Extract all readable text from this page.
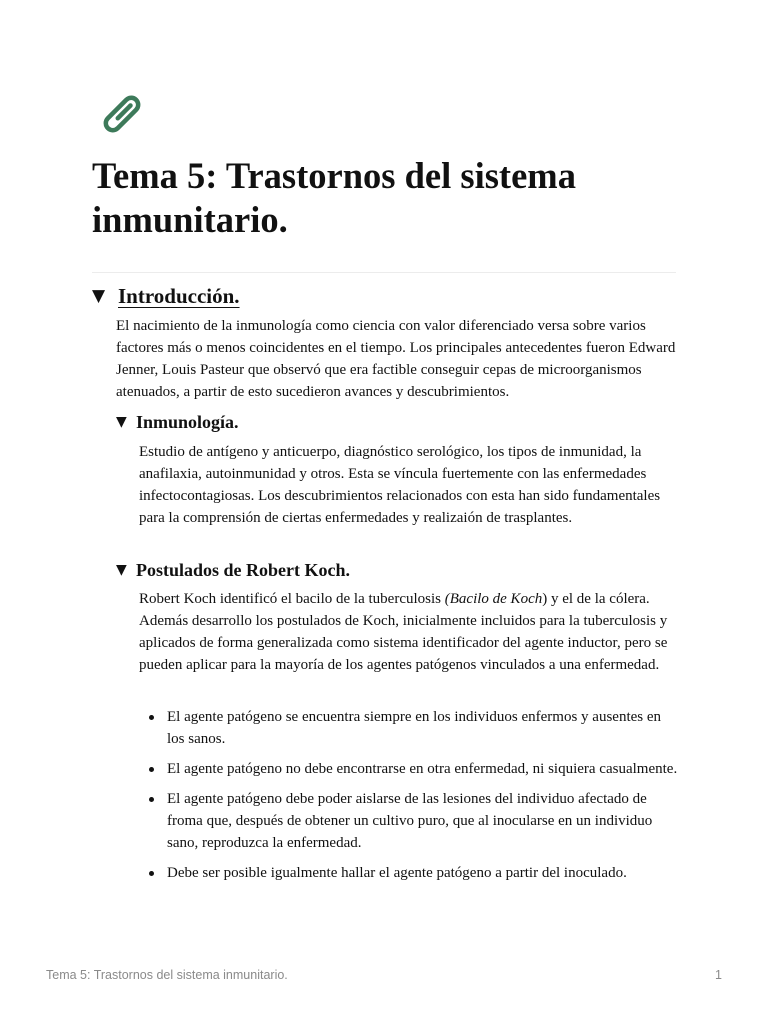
Tema 5: Trastornos del sistema inmunitario.
▼ Introducción.

El nacimiento de la inmunología como ciencia con valor diferenciado versa sobre varios factores más o menos coincidentes en el tiempo. Los principales antecedentes fueron Edward Jenner, Louis Pasteur que observó que era factible conseguir cepas de microorganismos atenuados, a partir de esto sucedieron avances y descubrimientos.

▼ Inmunología.

Estudio de antígeno y anticuerpo, diagnóstico serológico, los tipos de inmunidad, la anafilaxia, autoinmunidad y otros. Esta se víncula fuertemente con las enfermedades infectocontagiosas. Los descubrimientos relacionados con esta han sido fundamentales para la comprensión de ciertas enfermedades y realizaión de trasplantes.

▼ Postulados de Robert Koch.

Robert Koch identificó el bacilo de la tuberculosis (Bacilo de Koch) y el de la cólera. Además desarrollo los postulados de Koch, inicialmente incluidos para la tuberculosis y aplicados de forma generalizada como sistema identificador del agente inductor, pero se pueden aplicar para la mayoría de los agentes patógenos vinculados a una enfermedad.

El agente patógeno se encuentra siempre en los individuos enfermos y ausentes en los sanos.
El agente patógeno no debe encontrarse en otra enfermedad, ni siquiera casualmente.
El agente patógeno debe poder aislarse de las lesiones del individuo afectado de froma que, después de obtener un cultivo puro, que al inocularse en un individuo sano, reproduzca la enfermedad.
Debe ser posible igualmente hallar el agente patógeno a partir del inoculado.
Tema 5: Trastornos del sistema inmunitario.	1
